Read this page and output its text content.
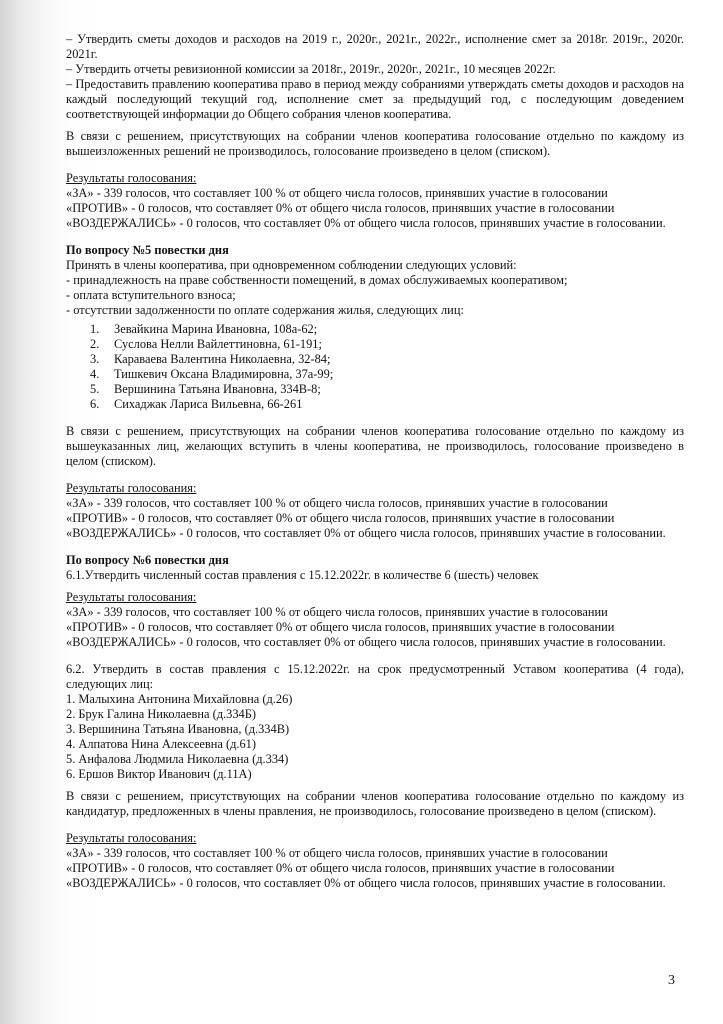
– Утвердить сметы доходов и расходов на 2019 г., 2020г., 2021г., 2022г., исполнение смет за 2018г. 2019г., 2020г. 2021г.
– Утвердить отчеты ревизионной комиссии за 2018г., 2019г., 2020г., 2021г., 10 месяцев 2022г.
– Предоставить правлению кооператива право в период между собраниями утверждать сметы доходов и расходов на каждый последующий текущий год, исполнение смет за предыдущий год, с последующим доведением соответствующей информации до Общего собрания членов кооператива.

В связи с решением, присутствующих на собрании членов кооператива голосование отдельно по каждому из вышеизложенных решений не производилось, голосование произведено в целом (списком).

Результаты голосования:
«ЗА» - 339 голосов, что составляет 100 % от общего числа голосов, принявших участие в голосовании
«ПРОТИВ» - 0 голосов, что составляет 0% от общего числа голосов, принявших участие в голосовании
«ВОЗДЕРЖАЛИСЬ» - 0 голосов, что составляет 0% от общего числа голосов, принявших участие в голосовании.
По вопросу №5 повестки дня
Принять в члены кооператива, при одновременном соблюдении следующих условий:
- принадлежность на праве собственности помещений, в домах обслуживаемых кооперативом;
- оплата вступительного взноса;
- отсутствии задолженности по оплате содержания жилья, следующих лиц:
1.	Зевайкина Марина Ивановна, 108а-62;
2.	Суслова Нелли Вайлеттиновна, 61-191;
3.	Караваева Валентина Николаевна, 32-84;
4.	Тишкевич Оксана Владимировна, 37а-99;
5.	Вершинина Татьяна Ивановна, 334В-8;
6.	Сихаджак Лариса Вильевна, 66-261

В связи с решением, присутствующих на собрании членов кооператива голосование отдельно по каждому из вышеуказанных лиц, желающих вступить в члены кооператива, не производилось, голосование произведено в целом (списком).

Результаты голосования:
«ЗА» - 339 голосов, что составляет 100 % от общего числа голосов, принявших участие в голосовании
«ПРОТИВ» - 0 голосов, что составляет 0% от общего числа голосов, принявших участие в голосовании
«ВОЗДЕРЖАЛИСЬ» - 0 голосов, что составляет 0% от общего числа голосов, принявших участие в голосовании.
По вопросу №6 повестки дня
6.1.Утвердить численный состав правления с 15.12.2022г. в количестве 6 (шесть) человек
Результаты голосования:
«ЗА» - 339 голосов, что составляет 100 % от общего числа голосов, принявших участие в голосовании
«ПРОТИВ» - 0 голосов, что составляет 0% от общего числа голосов, принявших участие в голосовании
«ВОЗДЕРЖАЛИСЬ» - 0 голосов, что составляет 0% от общего числа голосов, принявших участие в голосовании.

6.2. Утвердить в состав правления с 15.12.2022г. на срок предусмотренный Уставом кооператива (4 года), следующих лиц:

1. Малыхина Антонина Михайловна (д.26)
2. Брук Галина Николаевна (д.334Б)
3. Вершинина Татьяна Ивановна, (д.334В)
4. Алпатова Нина Алексеевна (д.61)
5. Анфалова Людмила Николаевна (д.334)
6. Ершов Виктор Иванович (д.11А)

В связи с решением, присутствующих на собрании членов кооператива голосование отдельно по каждому из кандидатур, предложенных в члены правления, не производилось, голосование произведено в целом (списком).

Результаты голосования:
«ЗА» - 339 голосов, что составляет 100 % от общего числа голосов, принявших участие в голосовании
«ПРОТИВ» - 0 голосов, что составляет 0% от общего числа голосов, принявших участие в голосовании
«ВОЗДЕРЖАЛИСЬ» - 0 голосов, что составляет 0% от общего числа голосов, принявших участие в голосовании.
3
